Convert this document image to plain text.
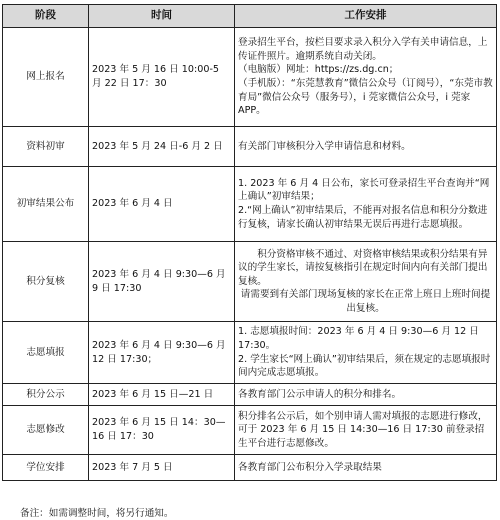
阶段	时间	工作安排
网上报名	2023 年 5 月 16 日 10:00-5 月 22 日 17：30	登录招生平台，按栏目要求录入积分入学有关申请信息，上传证件照片。逾期系统自动关闭。

（电脑版）网址：https://zs.dg.cn；

（手机版）：“东莞慧教育”微信公众号（订阅号），“东莞市教育局”微信公众号（服务号），i 莞家微信公众号，i 莞家 APP。

资料初审	2023 年 5 月 24 日-6 月 2 日	有关部门审核积分入学申请信息和材料。

初审结果公布	2023 年 6 月 4 日	1. 2023 年 6 月 4 日公布，家长可登录招生平台查询并“网上确认”初审结果；

2.“网上确认”初审结果后，不能再对报名信息和积分分数进行复核，请家长确认初审结果无误后再进行志愿填报。

积分复核	2023 年 6 月 4 日 9:30—6 月 9 日 17:30	积分资格审核不通过、对资格审核结果或积分结果有异议的学生家长，请按复核指引在规定时间内向有关部门提出复核。

请需要到有关部门现场复核的家长在正常上班日上班时间提出复核。

志愿填报	2023 年 6 月 4 日 9:30—6 月 12 日 17:30；	1. 志愿填报时间：2023 年 6 月 4 日 9:30—6 月 12 日 17:30。

2. 学生家长“网上确认”初审结果后，须在规定的志愿填报时间内完成志愿填报。

积分公示	2023 年 6 月 15 日—21 日	各教育部门公示申请人的积分和排名。

志愿修改	2023 年 6 月 15 日 14：30—16 日 17：30	积分排名公示后，如个别申请人需对填报的志愿进行修改，可于 2023 年 6 月 15 日 14:30—16 日 17:30 前登录招生平台进行志愿修改。

学位安排	2023 年 7 月 5 日	各教育部门公布积分入学录取结果

备注：如需调整时间，将另行通知。
